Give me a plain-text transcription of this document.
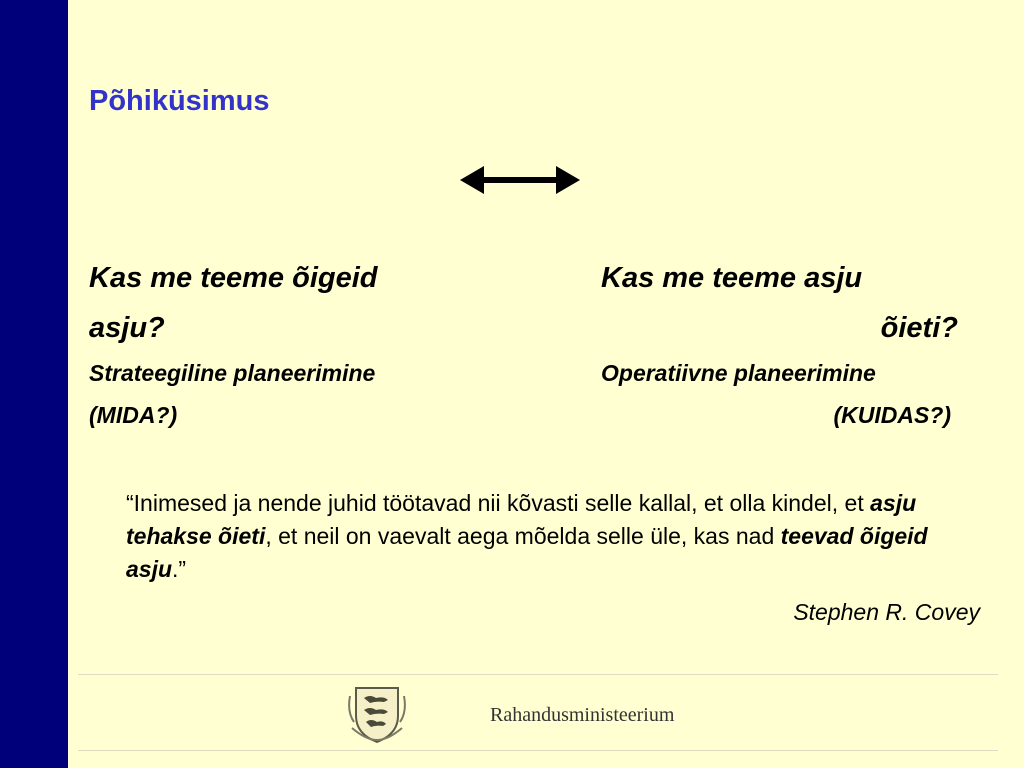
Põhiküsimus
Kas me teeme õigeid
asju?
Strateegiline planeerimine
(MIDA?)
Kas me teeme asju
õieti?
Operatiivne planeerimine
(KUIDAS?)
“Inimesed ja nende juhid töötavad nii kõvasti selle kallal, et olla kindel, et asju tehakse õieti, et neil on vaevalt aega mõelda selle üle, kas nad teevad õigeid asju.”
Stephen R. Covey
Rahandusministeerium
